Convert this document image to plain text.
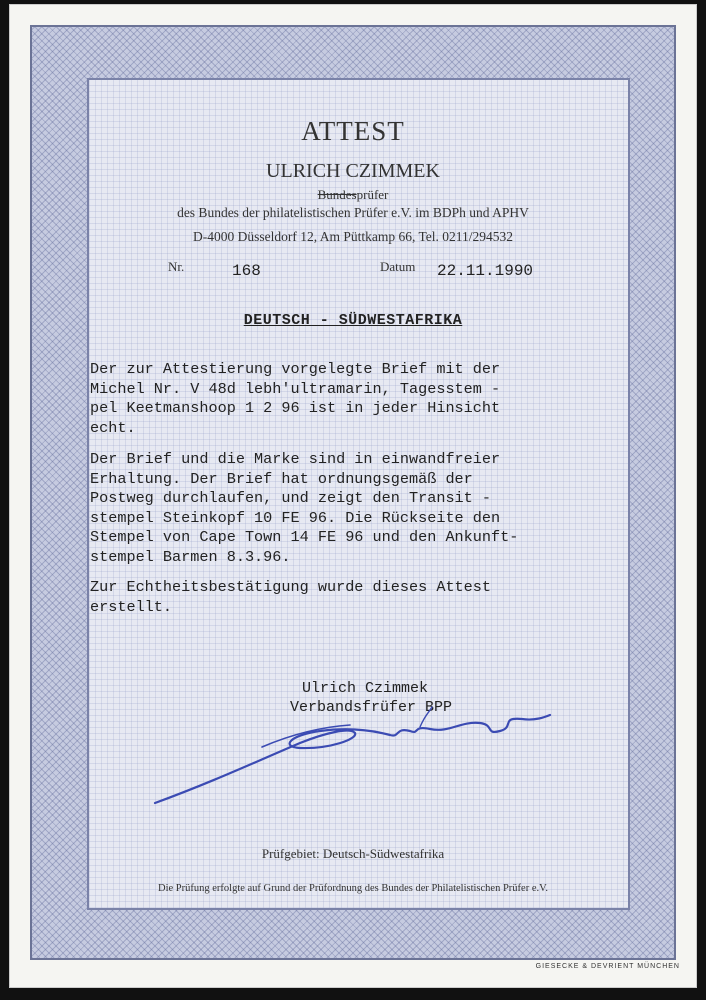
ATTEST
ULRICH CZIMMEK
Bundesprüfer
des Bundes der philatelistischen Prüfer e.V. im BDPh und APHV
D-4000 Düsseldorf 12, Am Püttkamp 66, Tel. 0211/294532
Nr.	168	Datum 22.11.1990
DEUTSCH - SÜDWESTAFRIKA
Der zur Attestierung vorgelegte Brief mit der
Michel Nr. V 48d lebh'ultramarin, Tagesstem -
pel Keetmanshoop 1 2 96 ist in jeder Hinsicht
echt.
Der Brief und die Marke sind in einwandfreier
Erhaltung. Der Brief hat ordnungsgemäß der
Postweg durchlaufen, und zeigt den Transit -
stempel Steinkopf 10 FE 96. Die Rückseite den
Stempel von Cape Town 14 FE 96 und den Ankunft-
stempel Barmen 8.3.96.
Zur Echtheitsbestätigung wurde dieses Attest
erstellt.
Ulrich Czimmek
Verbandsfrüfer BPP
Prüfgebiet: Deutsch-Südwestafrika
Die Prüfung erfolgte auf Grund der Prüfordnung des Bundes der Philatelistischen Prüfer e.V.
GIESECKE & DEVRIENT MÜNCHEN
